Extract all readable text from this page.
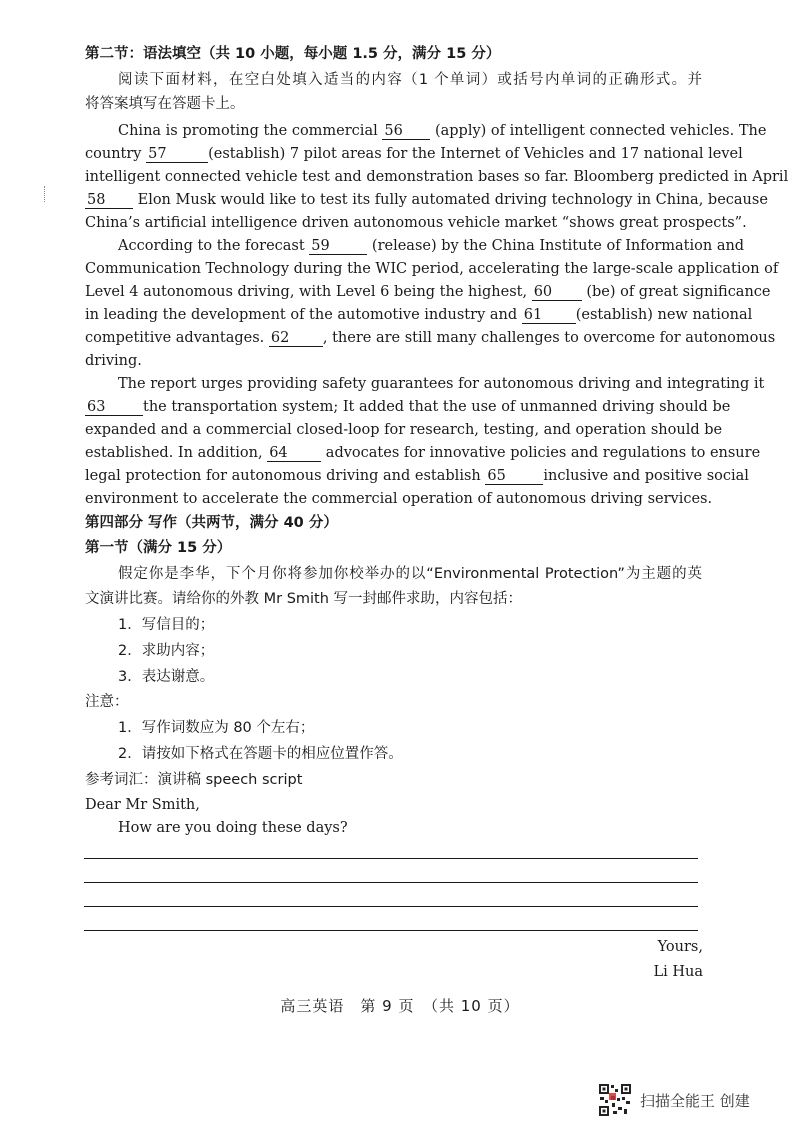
第二节：语法填空（共 10 小题，每小题 1.5 分，满分 15 分）
阅读下面材料，在空白处填入适当的内容（1 个单词）或括号内单词的正确形式。并
将答案填写在答题卡上。
China is promoting the commercial 56 (apply) of intelligent connected vehicles. The
country 57	(establish) 7 pilot areas for the Internet of Vehicles and 17 national level
intelligent connected vehicle test and demonstration bases so far. Bloomberg predicted in April
58 Elon Musk would like to test its fully automated driving technology in China, because
China’s artificial intelligence driven autonomous vehicle market “shows great prospects”.
According to the forecast 59	(release) by the China Institute of Information and
Communication Technology during the WIC period, accelerating the large-scale application of
Level 4 autonomous driving, with Level 6 being the highest, 60 (be) of great significance
in leading the development of the automotive industry and 61 (establish) new national
competitive advantages. 62 , there are still many challenges to overcome for autonomous
driving.
The report urges providing safety guarantees for autonomous driving and integrating it
63	the transportation system; It added that the use of unmanned driving should be
expanded and a commercial closed-loop for research, testing, and operation should be
established. In addition, 64	advocates for innovative policies and regulations to ensure
legal protection for autonomous driving and establish 65	inclusive and positive social
environment to accelerate the commercial operation of autonomous driving services.
第四部分 写作（共两节，满分 40 分）
第一节（满分 15 分）
假定你是李华，下个月你将参加你校举办的以“Environmental Protection”为主题的英
文演讲比赛。请给你的外教 Mr Smith 写一封邮件求助，内容包括：
1．写信目的；
2．求助内容；
3．表达谢意。
注意：
1．写作词数应为 80 个左右；
2．请按如下格式在答题卡的相应位置作答。
参考词汇：演讲稿 speech script
Dear Mr Smith,
How are you doing these days?
Yours,
Li Hua
高三英语　第 9 页　（共 10 页）
扫描全能王 创建
